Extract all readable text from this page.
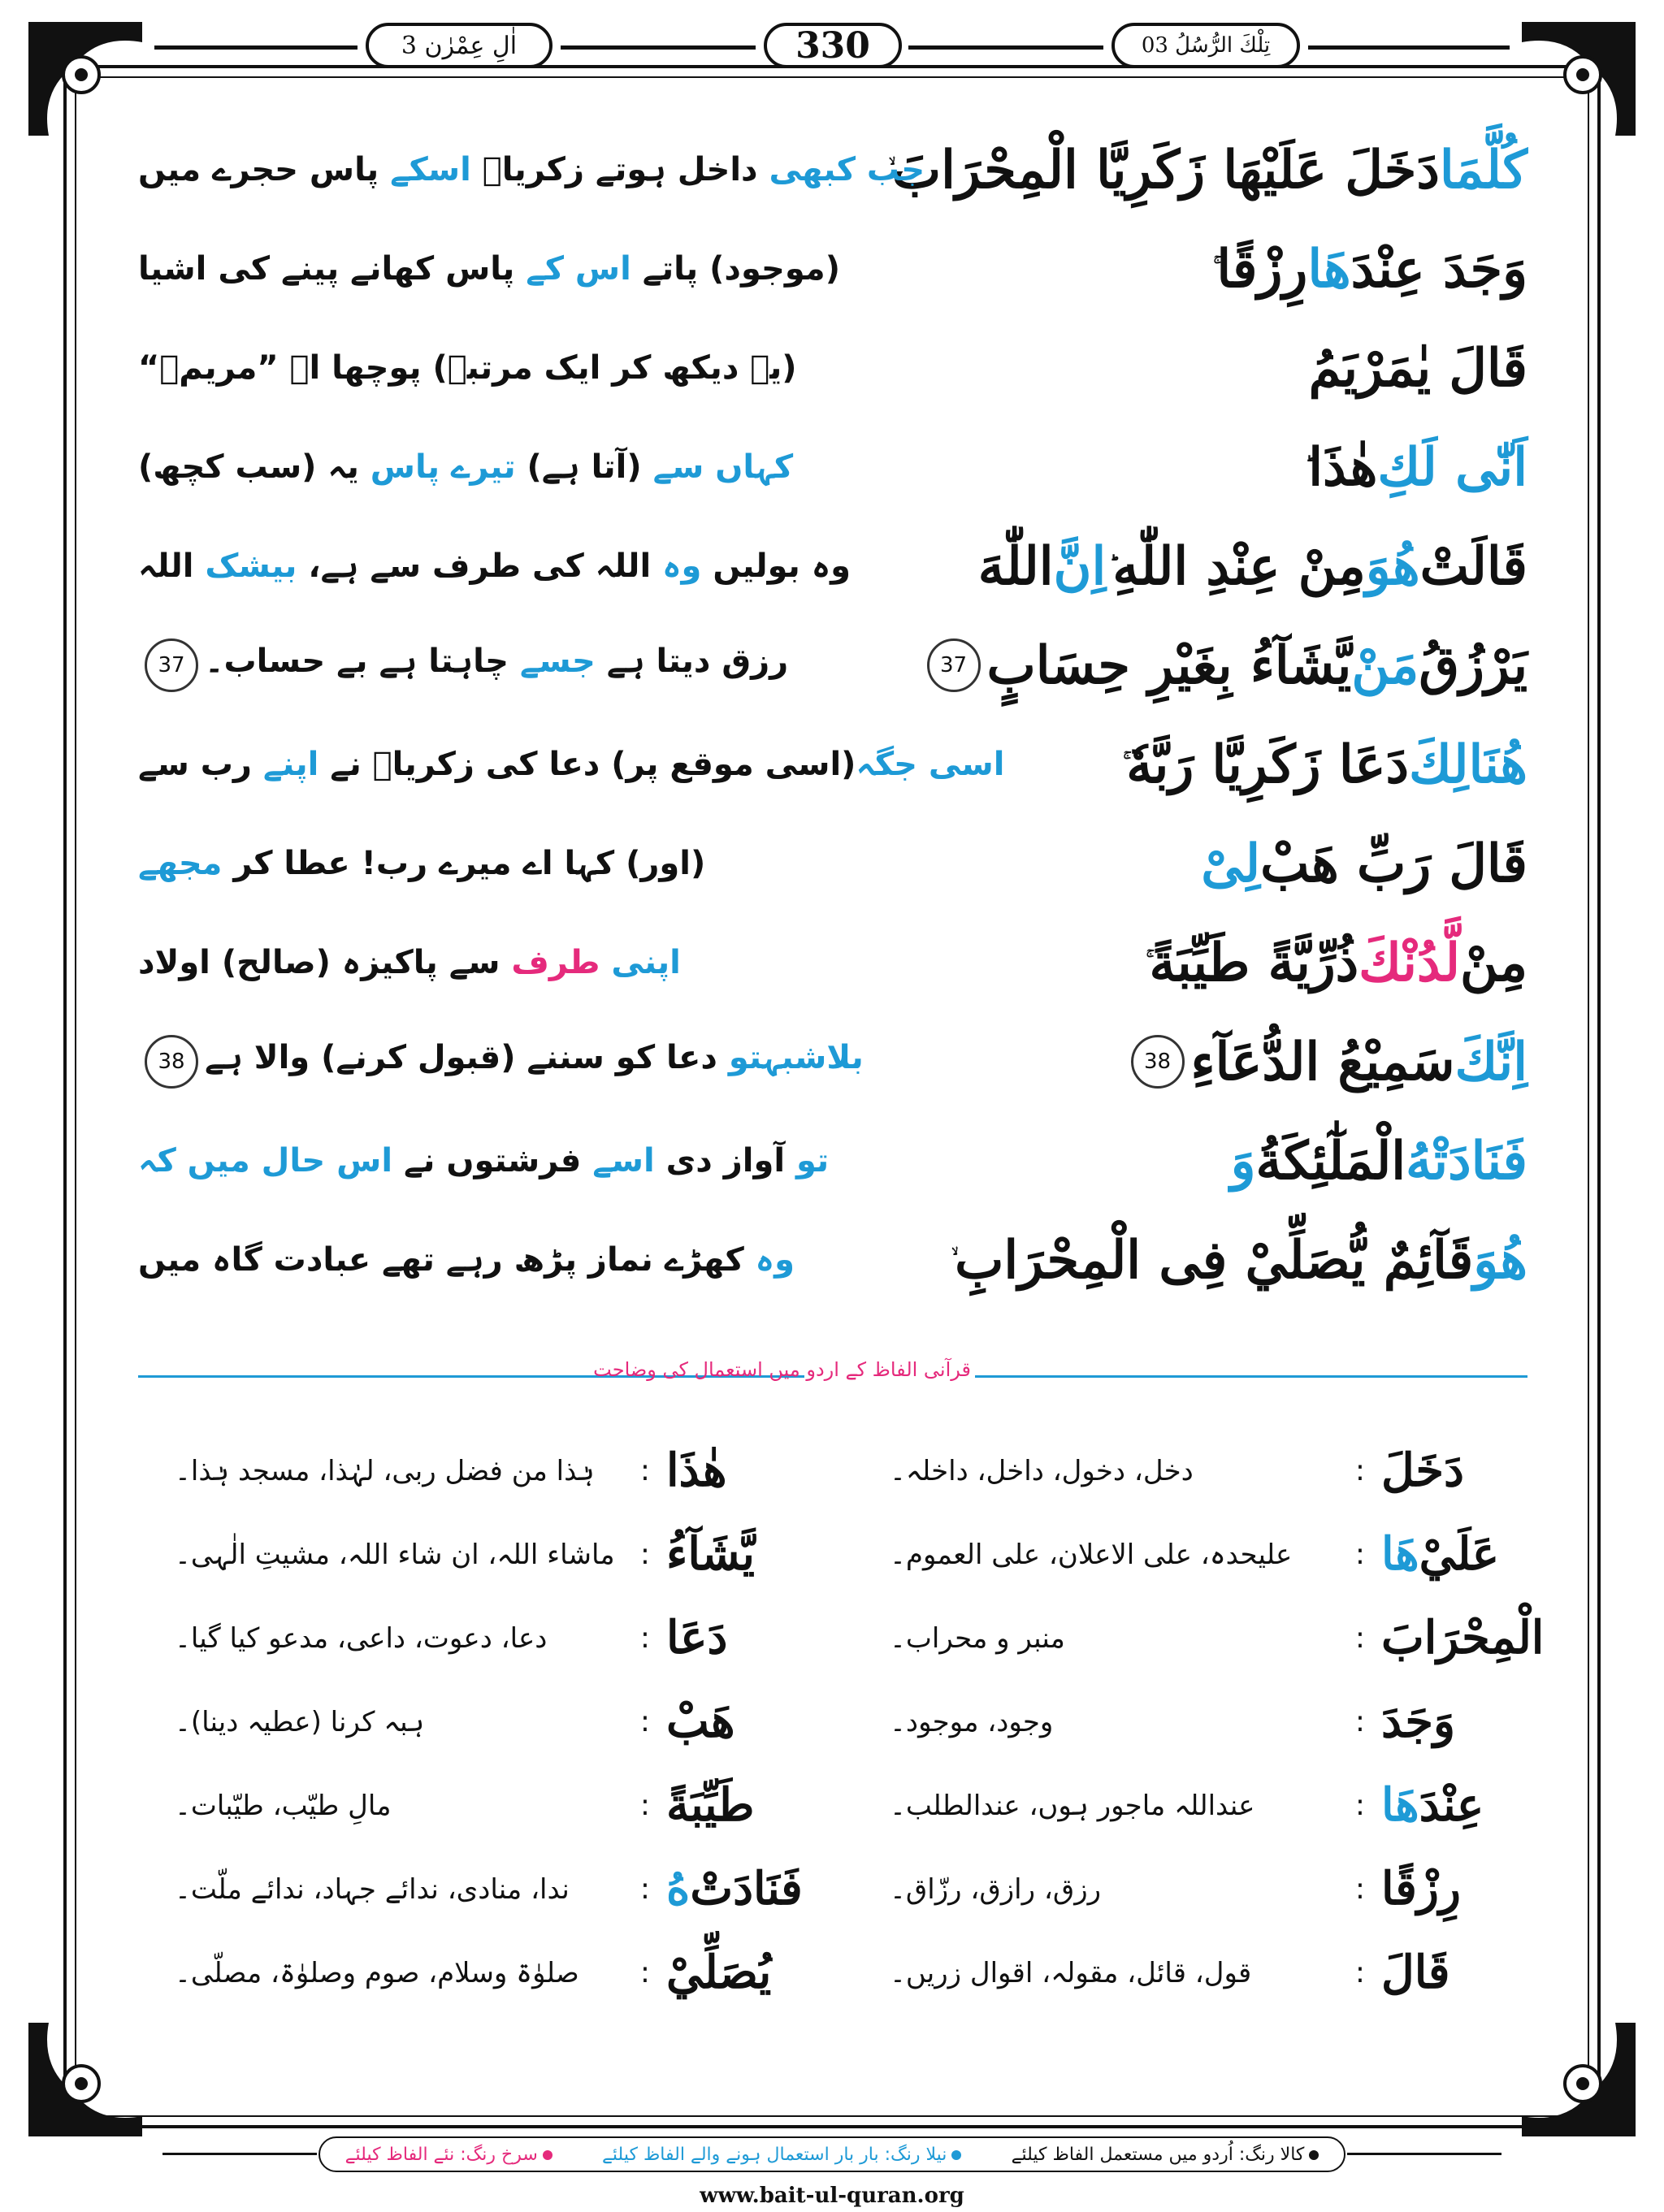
اٰلِ عِمْرٰن 3	330	تِلْكَ الرُّسُلُ 03
كُلَّمَا
دَخَلَ عَلَيْهَا زَكَرِيَّا الْمِحْرَابَ
جب كبھی داخل ہوتے زکریاؑ اسکے پاس حجرے میں
وَجَدَ عِنْدَ
هَا
رِزْقًا
(موجود) پاتے اس کے پاس کھانے پینے کی اشیا
قَالَ يٰمَرْيَمُ
(یہ دیکھ کر ایک مرتبہ) پوچھا اے ”مریمؑ“
اَنّٰى لَكِ
هٰذَا
کہاں سے (آتا ہے) تیرے پاس یہ (سب کچھ)
قَالَتْ
هُوَ
مِنْ عِنْدِ اللّٰهِ
اِنَّ
اللّٰهَ
وہ بولیں وہ اللہ کی طرف سے ہے، بیشک اللہ
يَرْزُقُ
مَنْ
يَّشَآءُ بِغَيْرِ حِسَابٍ
37
رزق دیتا ہے جسے چاہتا ہے بے حساب۔37
هُنَالِكَ
دَعَا زَكَرِيَّا رَبَّهٗ
اسی جگہ(اسی موقع پر) دعا کی زکریاؑ نے اپنے رب سے
قَالَ رَبِّ هَبْ
لِیْ
(اور) کہا اے میرے رب! عطا کر مجھے
مِنْ
لَّدُنْكَ
ذُرِّيَّةً طَيِّبَةً
اپنی طرف سے پاکیزہ (صالح) اولاد
اِنَّكَ
سَمِيْعُ الدُّعَآءِ
38
بلاشبہتو دعا کو سننے (قبول کرنے) والا ہے38
فَنَادَتْهُ
الْمَلٰٓئِكَةُ
وَ
تو آواز دی اسے فرشتوں نے اس حال میں کہ
هُوَ
قَآئِمٌ يُّصَلِّيْ فِی الْمِحْرَابِ
وہ کھڑے نماز پڑھ رہے تھے عبادت گاہ میں
قرآنی الفاظ کے اردو میں استعمال کی وضاحت
دَخَلَ
:
دخل، دخول، داخل، داخلہ۔
عَلَيْ
هَا
:
علیحدہ، علی الاعلان، علی العموم۔
الْمِحْرَابَ
:
منبر و محراب۔
وَجَدَ
:
وجود، موجود۔
عِنْدَ
هَا
:
عنداللہ ماجور ہوں، عندالطلب۔
رِزْقًا
:
رزق، رازق، رزّاق۔
قَالَ
:
قول، قائل، مقولہ، اقوال زریں۔
هٰذَا
:
ہٰذا من فضل ربی، لہٰذا، مسجد ہٰذا۔
يَّشَآءُ
:
ماشاء اللہ، ان شاء اللہ، مشیتِ الٰہی۔
دَعَا
:
دعا، دعوت، داعی، مدعو کیا گیا۔
هَبْ
:
ہبہ کرنا (عطیہ دینا)۔
طَيِّبَةً
:
مالِ طیّب، طیّبات۔
فَنَادَتْ
هُ
:
ندا، منادی، ندائے جہاد، ندائے ملّت۔
يُصَلِّيْ
:
صلوٰۃ وسلام، صوم وصلوٰۃ، مصلّی۔
کالا رنگ: اُردو میں مستعمل الفاظ کیلئے
نیلا رنگ: بار بار استعمال ہونے والے الفاظ کیلئے
سرخ رنگ: نئے الفاظ کیلئے
www.bait-ul-quran.org
